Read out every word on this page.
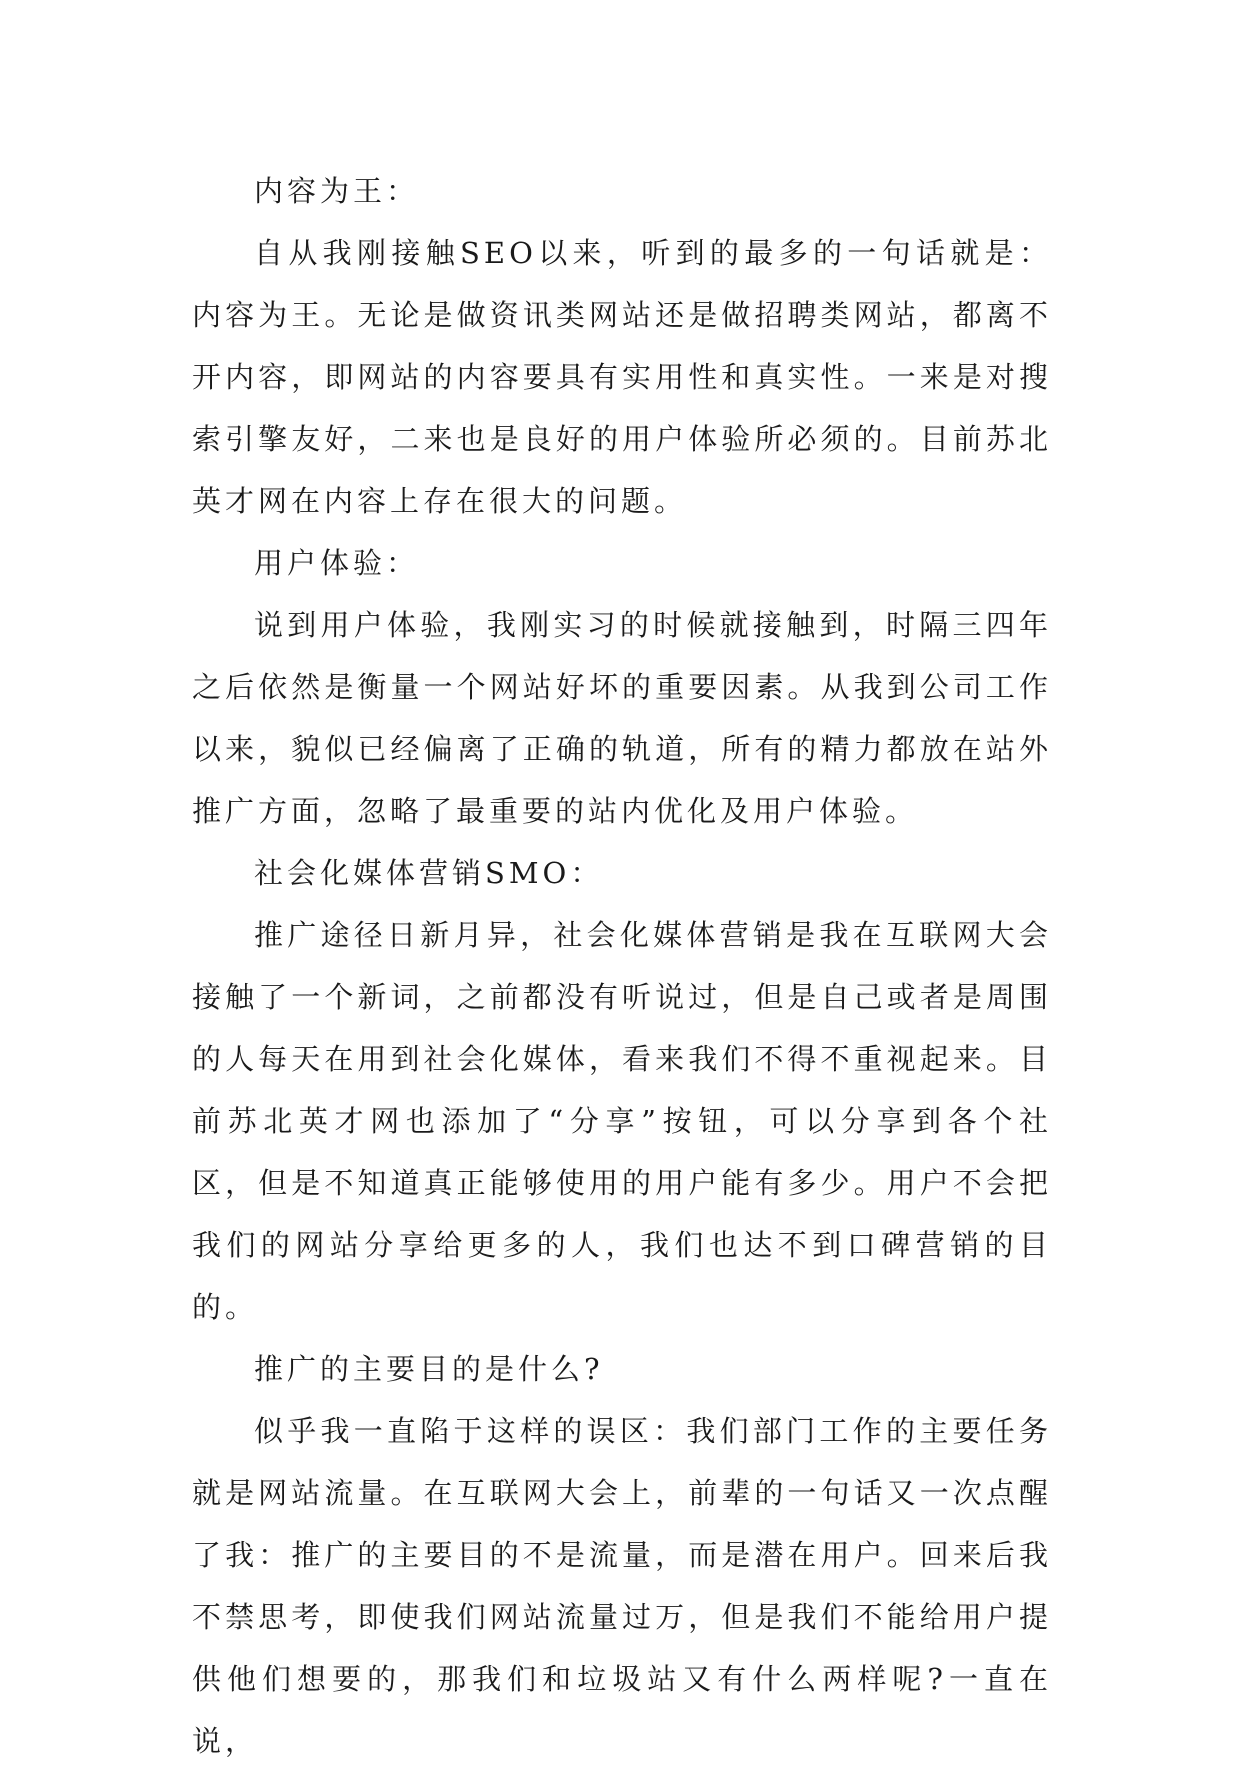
内容为王：

自从我刚接触SEO以来，听到的最多的一句话就是：内容为王。无论是做资讯类网站还是做招聘类网站，都离不开内容，即网站的内容要具有实用性和真实性。一来是对搜索引擎友好，二来也是良好的用户体验所必须的。目前苏北英才网在内容上存在很大的问题。

用户体验：

说到用户体验，我刚实习的时候就接触到，时隔三四年之后依然是衡量一个网站好坏的重要因素。从我到公司工作以来，貌似已经偏离了正确的轨道，所有的精力都放在站外推广方面，忽略了最重要的站内优化及用户体验。

社会化媒体营销SMO：

推广途径日新月异，社会化媒体营销是我在互联网大会接触了一个新词，之前都没有听说过，但是自己或者是周围的人每天在用到社会化媒体，看来我们不得不重视起来。目前苏北英才网也添加了“分享”按钮，可以分享到各个社区，但是不知道真正能够使用的用户能有多少。用户不会把我们的网站分享给更多的人，我们也达不到口碑营销的目的。

推广的主要目的是什么?

似乎我一直陷于这样的误区：我们部门工作的主要任务就是网站流量。在互联网大会上，前辈的一句话又一次点醒了我：推广的主要目的不是流量，而是潜在用户。回来后我不禁思考，即使我们网站流量过万，但是我们不能给用户提供他们想要的，那我们和垃圾站又有什么两样呢?一直在说，
